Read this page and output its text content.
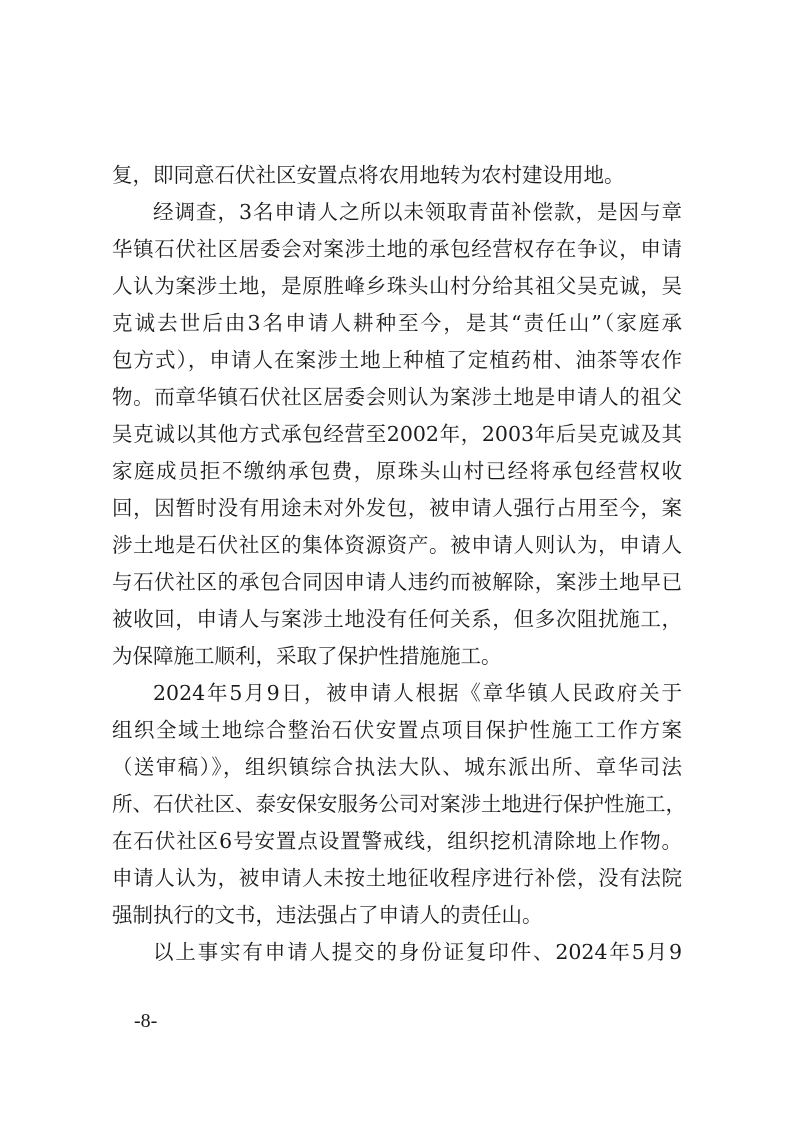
复，即同意石伏社区安置点将农用地转为农村建设用地。
经调查，3名申请人之所以未领取青苗补偿款，是因与章
华镇石伏社区居委会对案涉土地的承包经营权存在争议，申请
人认为案涉土地，是原胜峰乡珠头山村分给其祖父吴克诚，吴
克诚去世后由3名申请人耕种至今，是其“责任山”（家庭承
包方式），申请人在案涉土地上种植了定植药柑、油茶等农作
物。而章华镇石伏社区居委会则认为案涉土地是申请人的祖父
吴克诚以其他方式承包经营至2002年，2003年后吴克诚及其
家庭成员拒不缴纳承包费，原珠头山村已经将承包经营权收
回，因暂时没有用途未对外发包，被申请人强行占用至今，案
涉土地是石伏社区的集体资源资产。被申请人则认为，申请人
与石伏社区的承包合同因申请人违约而被解除，案涉土地早已
被收回，申请人与案涉土地没有任何关系，但多次阻扰施工，
为保障施工顺利，采取了保护性措施施工。
2024年5月9日，被申请人根据《章华镇人民政府关于
组织全域土地综合整治石伏安置点项目保护性施工工作方案
（送审稿）》，组织镇综合执法大队、城东派出所、章华司法
所、石伏社区、泰安保安服务公司对案涉土地进行保护性施工，
在石伏社区6号安置点设置警戒线，组织挖机清除地上作物。
申请人认为，被申请人未按土地征收程序进行补偿，没有法院
强制执行的文书，违法强占了申请人的责任山。
以上事实有申请人提交的身份证复印件、2024年5月9
-8-
